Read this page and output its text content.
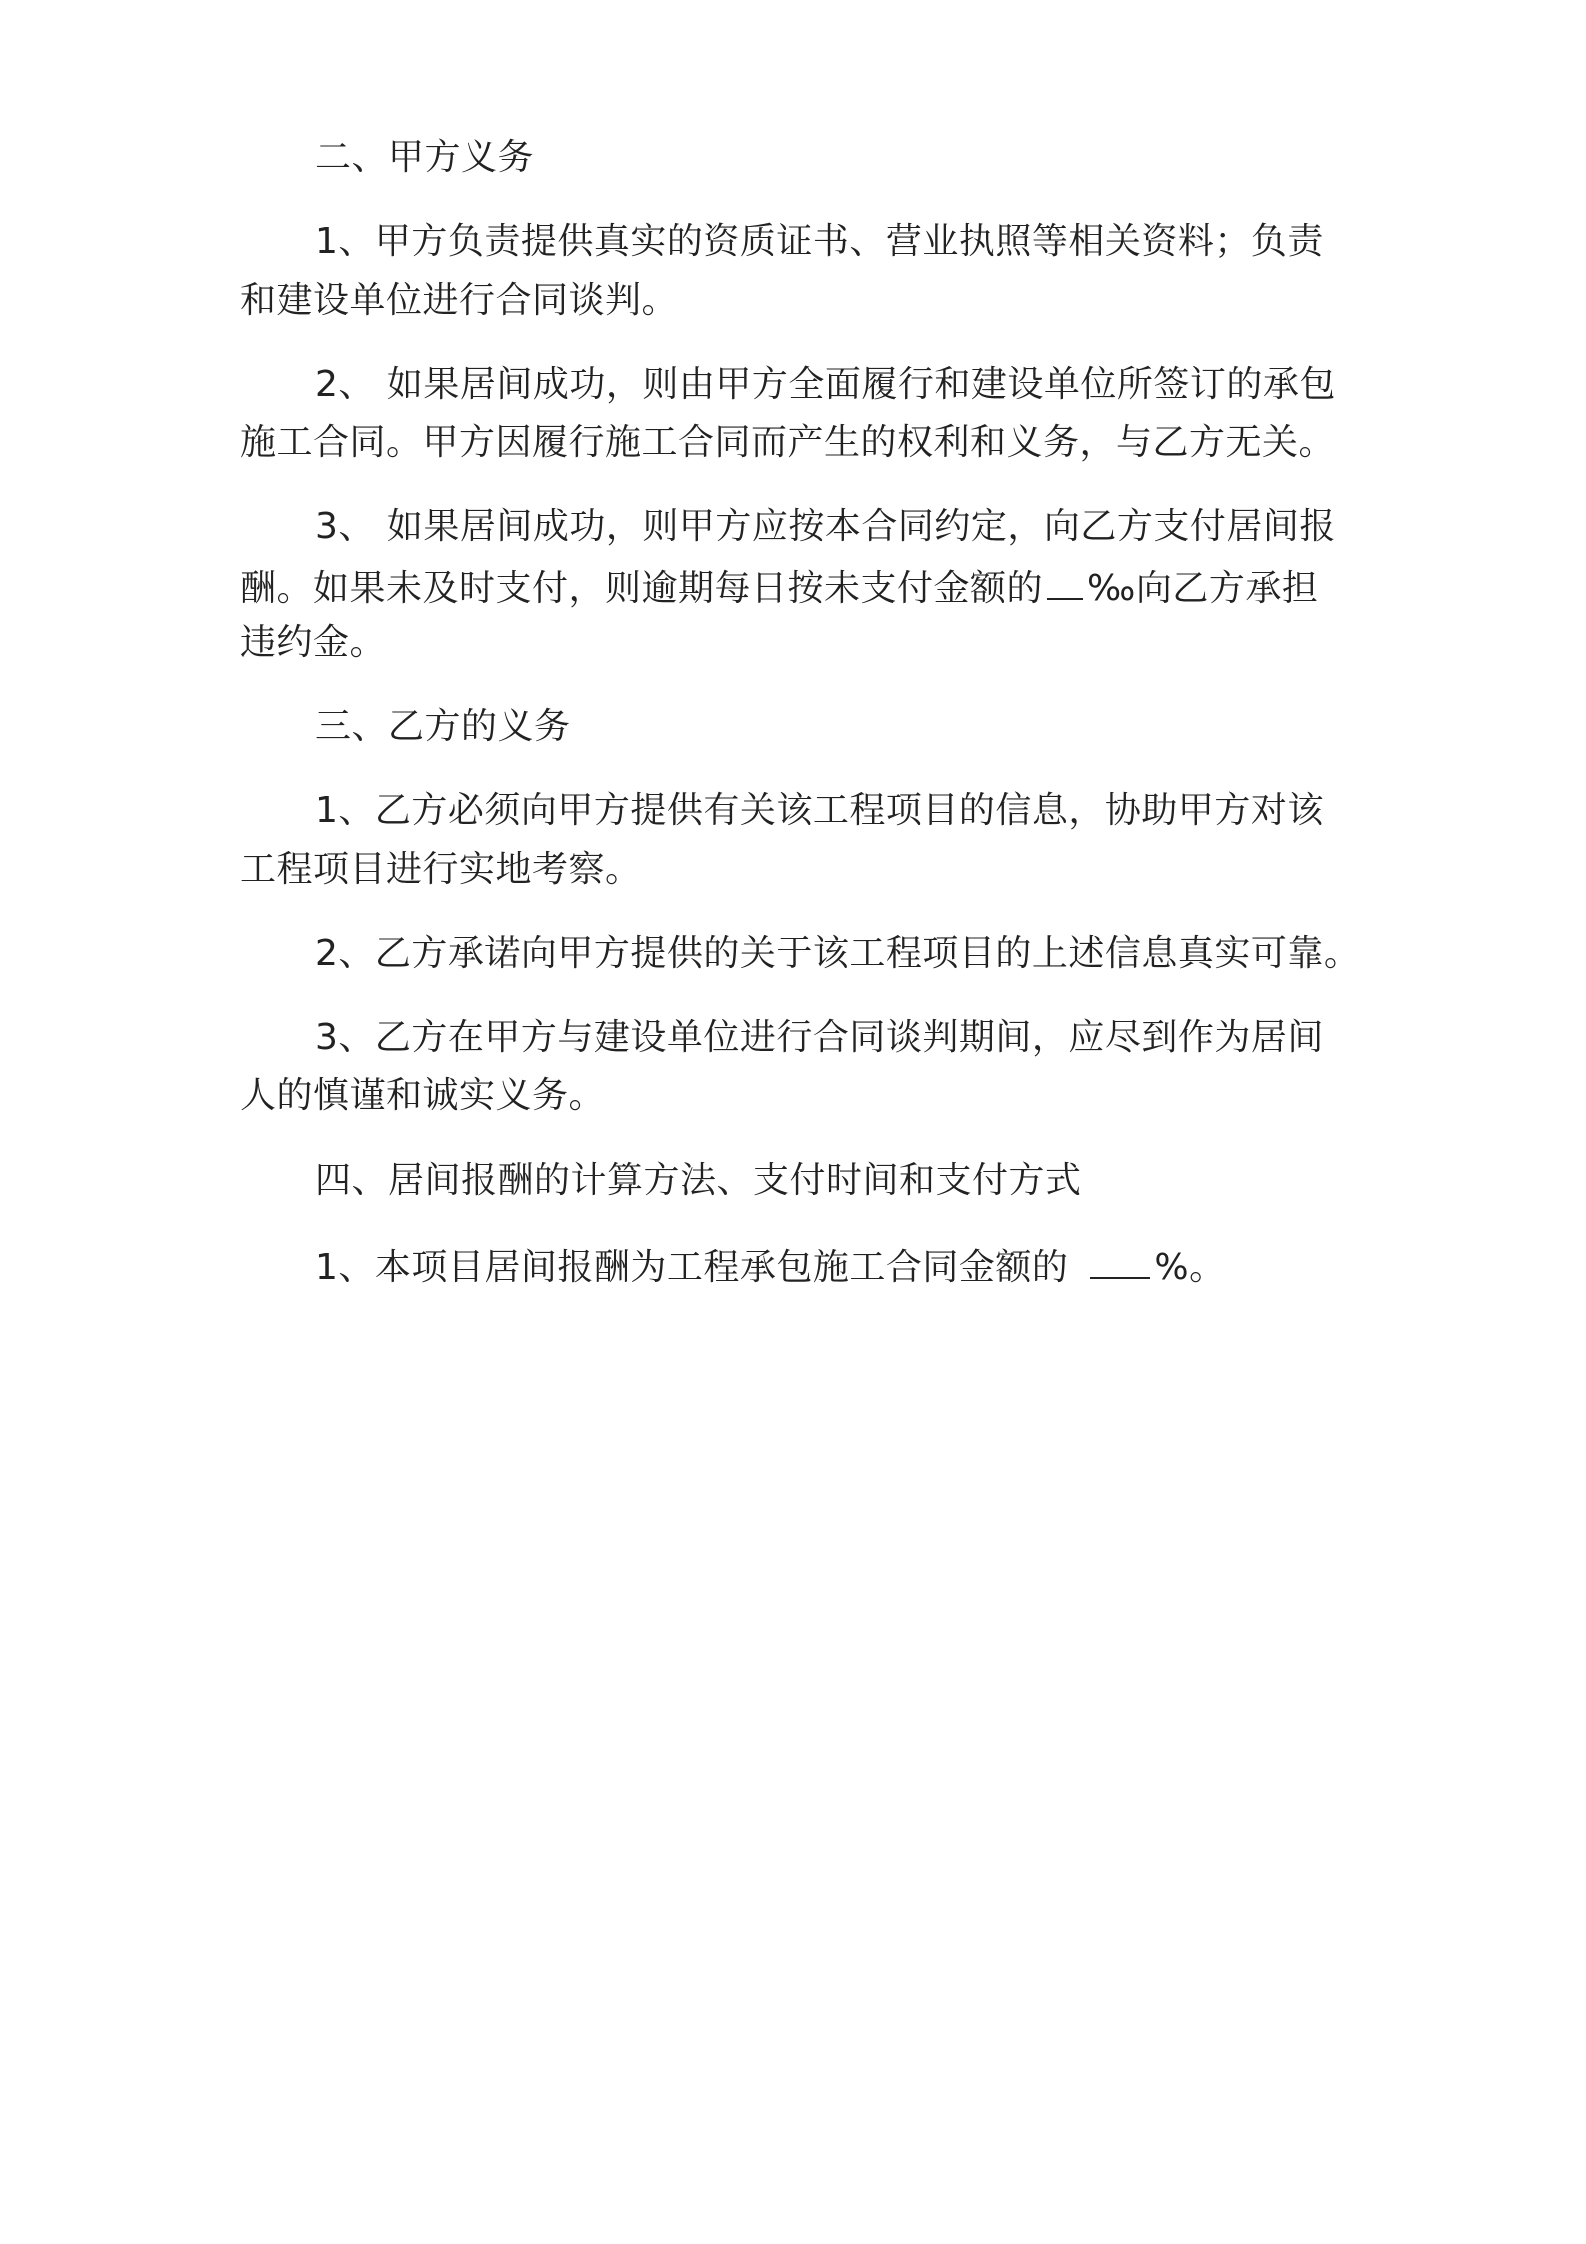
二、甲方义务
1、甲方负责提供真实的资质证书、营业执照等相关资料；负责
和建设单位进行合同谈判。
2、 如果居间成功，则由甲方全面履行和建设单位所签订的承包
施工合同。甲方因履行施工合同而产生的权利和义务，与乙方无关。
3、 如果居间成功，则甲方应按本合同约定，向乙方支付居间报
酬。如果未及时支付，则逾期每日按未支付金额的 ‰向乙方承担
违约金。
三、乙方的义务
1、乙方必须向甲方提供有关该工程项目的信息，协助甲方对该
工程项目进行实地考察。
2、乙方承诺向甲方提供的关于该工程项目的上述信息真实可靠。
3、乙方在甲方与建设单位进行合同谈判期间，应尽到作为居间
人的慎谨和诚实义务。
四、居间报酬的计算方法、支付时间和支付方式
1、本项目居间报酬为工程承包施工合同金额的 %。
